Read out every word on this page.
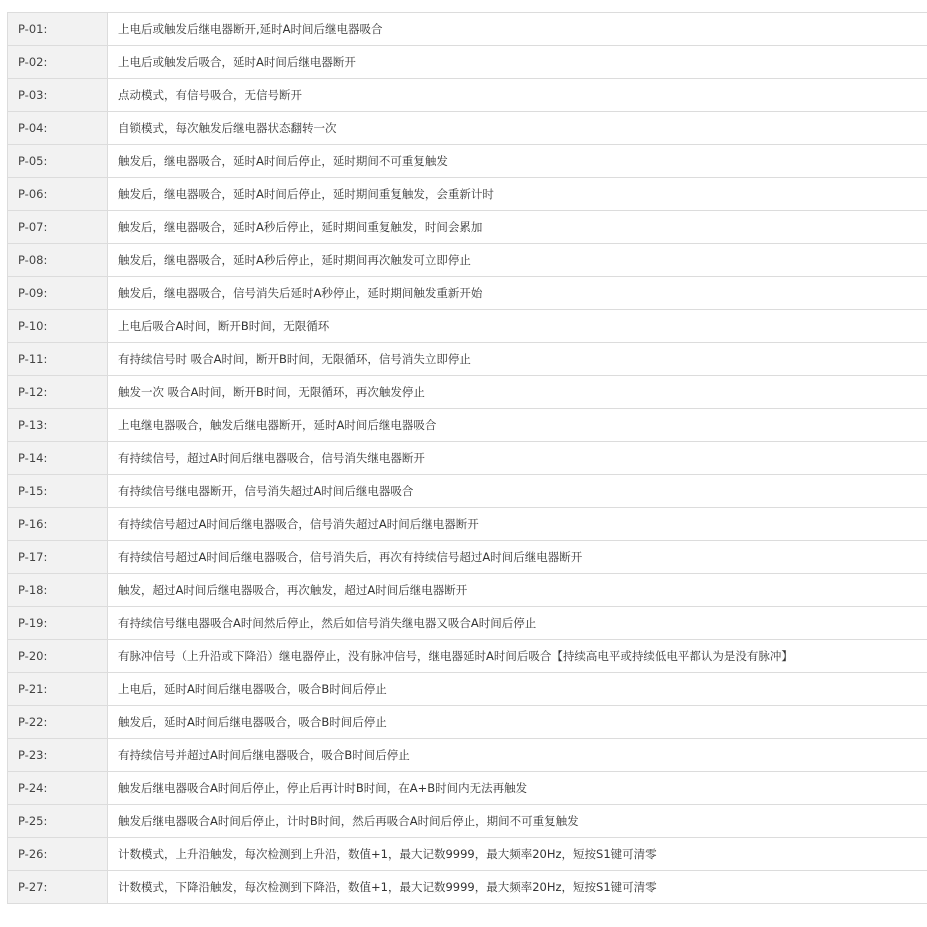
P-01:	上电后或触发后继电器断开,延时A时间后继电器吸合
P-02:	上电后或触发后吸合，延时A时间后继电器断开
P-03:	点动模式，有信号吸合，无信号断开
P-04:	自锁模式，每次触发后继电器状态翻转一次
P-05:	触发后，继电器吸合，延时A时间后停止，延时期间不可重复触发
P-06:	触发后，继电器吸合，延时A时间后停止，延时期间重复触发，会重新计时
P-07:	触发后，继电器吸合，延时A秒后停止，延时期间重复触发，时间会累加
P-08:	触发后，继电器吸合，延时A秒后停止，延时期间再次触发可立即停止
P-09:	触发后，继电器吸合，信号消失后延时A秒停止，延时期间触发重新开始
P-10:	上电后吸合A时间，断开B时间，无限循环
P-11:	有持续信号时 吸合A时间，断开B时间，无限循环，信号消失立即停止
P-12:	触发一次 吸合A时间，断开B时间，无限循环，再次触发停止
P-13:	上电继电器吸合，触发后继电器断开，延时A时间后继电器吸合
P-14:	有持续信号，超过A时间后继电器吸合，信号消失继电器断开
P-15:	有持续信号继电器断开，信号消失超过A时间后继电器吸合
P-16:	有持续信号超过A时间后继电器吸合，信号消失超过A时间后继电器断开
P-17:	有持续信号超过A时间后继电器吸合，信号消失后，再次有持续信号超过A时间后继电器断开
P-18:	触发，超过A时间后继电器吸合，再次触发，超过A时间后继电器断开
P-19:	有持续信号继电器吸合A时间然后停止，然后如信号消失继电器又吸合A时间后停止
P-20:	有脉冲信号（上升沿或下降沿）继电器停止，没有脉冲信号，继电器延时A时间后吸合【持续高电平或持续低电平都认为是没有脉冲】
P-21:	上电后，延时A时间后继电器吸合，吸合B时间后停止
P-22:	触发后，延时A时间后继电器吸合，吸合B时间后停止
P-23:	有持续信号并超过A时间后继电器吸合，吸合B时间后停止
P-24:	触发后继电器吸合A时间后停止，停止后再计时B时间，在A+B时间内无法再触发
P-25:	触发后继电器吸合A时间后停止，计时B时间，然后再吸合A时间后停止，期间不可重复触发
P-26:	计数模式，上升沿触发，每次检测到上升沿，数值+1，最大记数9999，最大频率20Hz，短按S1键可清零
P-27:	计数模式，下降沿触发，每次检测到下降沿，数值+1，最大记数9999，最大频率20Hz，短按S1键可清零
